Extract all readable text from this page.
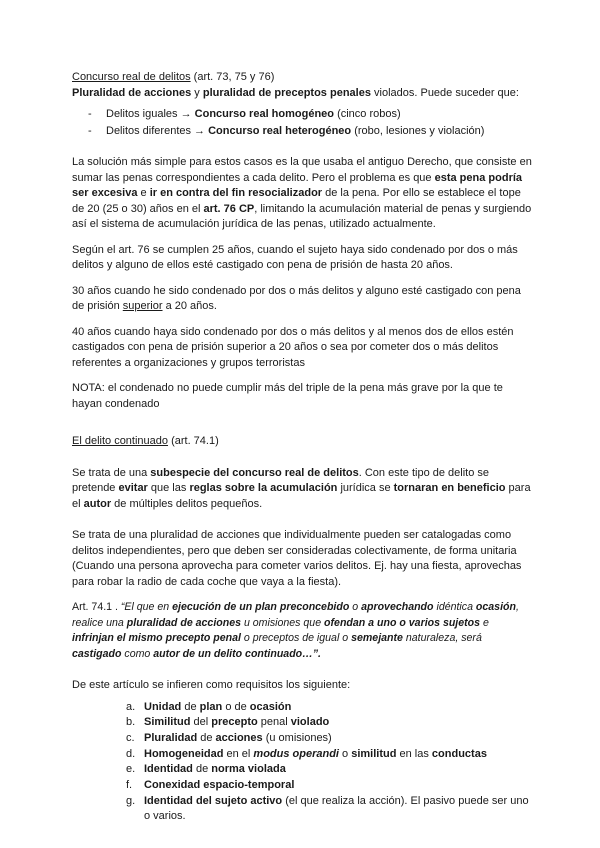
Concurso real de delitos (art. 73, 75 y 76)

Pluralidad de acciones y pluralidad de preceptos penales violados. Puede suceder que:

- Delitos iguales → Concurso real homogéneo (cinco robos)
- Delitos diferentes → Concurso real heterogéneo (robo, lesiones y violación)

La solución más simple para estos casos es la que usaba el antiguo Derecho, que consiste en sumar las penas correspondientes a cada delito. Pero el problema es que esta pena podría ser excesiva e ir en contra del fin resocializador de la pena. Por ello se establece el tope de 20 (25 o 30) años en el art. 76 CP, limitando la acumulación material de penas y surgiendo así el sistema de acumulación jurídica de las penas, utilizado actualmente.

Según el art. 76 se cumplen 25 años, cuando el sujeto haya sido condenado por dos o más delitos y alguno de ellos esté castigado con pena de prisión de hasta 20 años.

30 años cuando he sido condenado por dos o más delitos y alguno esté castigado con pena de prisión superior a 20 años.

40 años cuando haya sido condenado por dos o más delitos y al menos dos de ellos estén castigados con pena de prisión superior a 20 años o sea por cometer dos o más delitos referentes a organizaciones y grupos terroristas

NOTA: el condenado no puede cumplir más del triple de la pena más grave por la que te hayan condenado

El delito continuado (art. 74.1)

Se trata de una subespecie del concurso real de delitos. Con este tipo de delito se pretende evitar que las reglas sobre la acumulación jurídica se tornaran en beneficio para el autor de múltiples delitos pequeños.

Se trata de una pluralidad de acciones que individualmente pueden ser catalogadas como delitos independientes, pero que deben ser consideradas colectivamente, de forma unitaria (Cuando una persona aprovecha para cometer varios delitos. Ej. hay una fiesta, aprovechas para robar la radio de cada coche que vaya a la fiesta).

Art. 74.1 . “El que en ejecución de un plan preconcebido o aprovechando idéntica ocasión, realice una pluralidad de acciones u omisiones que ofendan a uno o varios sujetos e infrinjan el mismo precepto penal o preceptos de igual o semejante naturaleza, será castigado como autor de un delito continuado…”.

De este artículo se infieren como requisitos los siguiente:

a. Unidad de plan o de ocasión
b. Similitud del precepto penal violado
c. Pluralidad de acciones (u omisiones)
d. Homogeneidad en el modus operandi o similitud en las conductas
e. Identidad de norma violada
f. Conexidad espacio-temporal
g. Identidad del sujeto activo (el que realiza la acción). El pasivo puede ser uno o varios.
